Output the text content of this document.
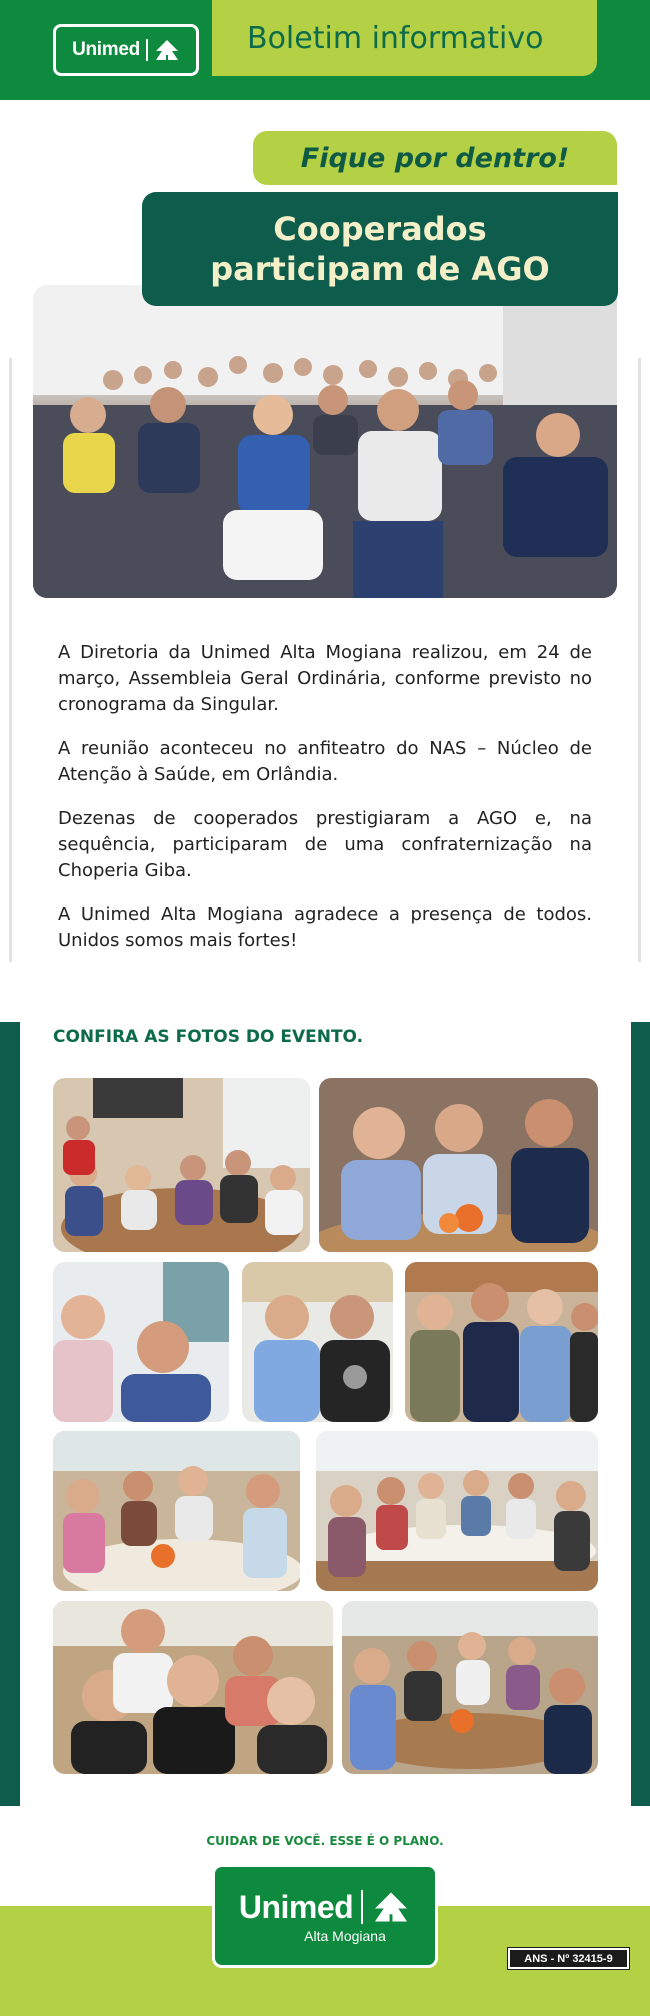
Unimed	Boletim informativo
Fique por dentro!
Cooperados
participam de AGO

A Diretoria da Unimed Alta Mogiana realizou, em 24 de março, Assembleia Geral Ordinária, conforme previsto no cronograma da Singular.

A reunião aconteceu no anfiteatro do NAS – Núcleo de Atenção à Saúde, em Orlândia.

Dezenas de cooperados prestigiaram a AGO e, na sequência, participaram de uma confraternização na Choperia Giba.

A Unimed Alta Mogiana agradece a presença de todos. Unidos somos mais fortes!

CONFIRA AS FOTOS DO EVENTO.
CUIDAR DE VOCÊ. ESSE É O PLANO.
Unimed
Alta Mogiana
ANS - Nº 32415-9
